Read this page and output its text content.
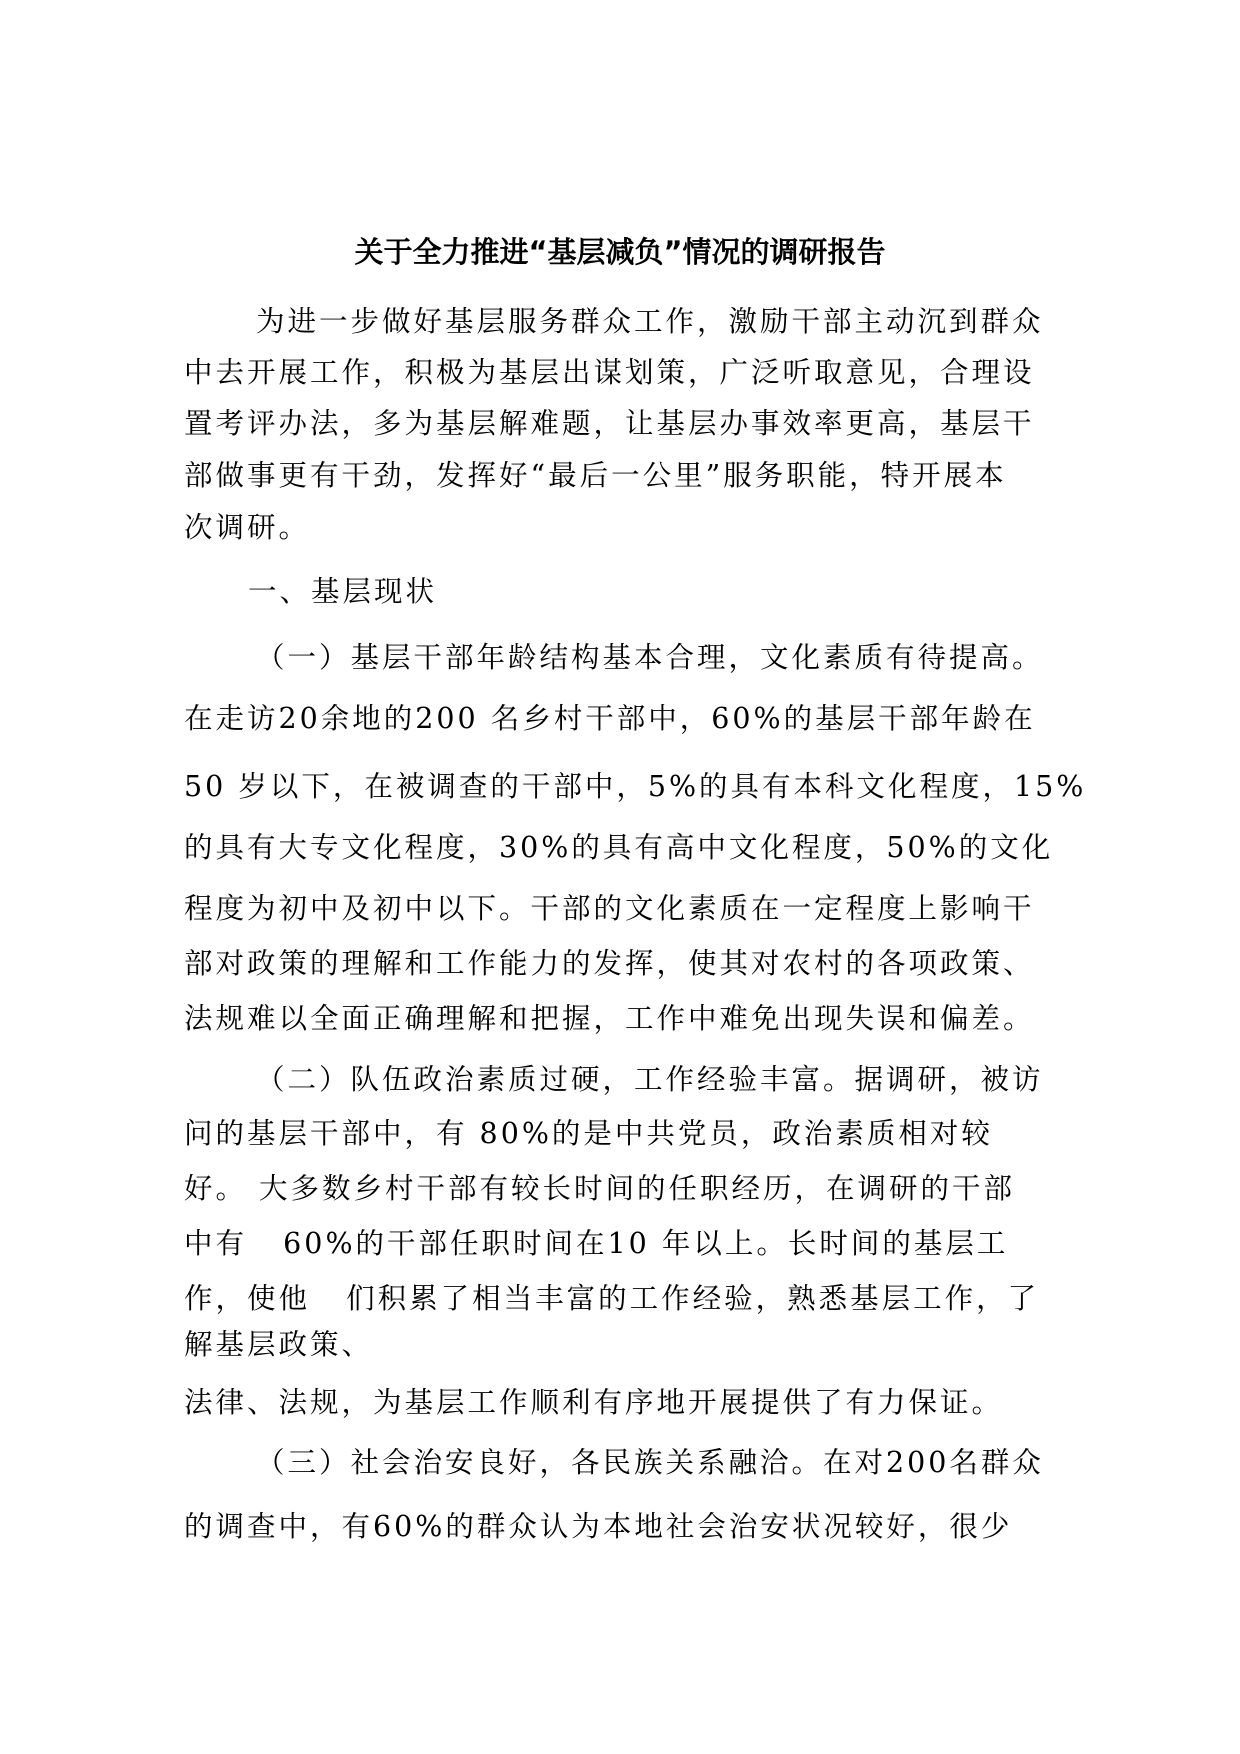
关于全力推进“基层减负”情况的调研报告
为进一步做好基层服务群众工作，激励干部主动沉到群众
中去开展工作，积极为基层出谋划策，广泛听取意见，合理设
置考评办法，多为基层解难题，让基层办事效率更高，基层干
部做事更有干劲，发挥好“最后一公里”服务职能，特开展本
次调研。
一、基层现状
（一）基层干部年龄结构基本合理，文化素质有待提高。
在走访20余地的200 名乡村干部中，60%的基层干部年龄在
50 岁以下，在被调查的干部中，5%的具有本科文化程度，15%
的具有大专文化程度，30%的具有高中文化程度，50%的文化
程度为初中及初中以下。干部的文化素质在一定程度上影响干
部对政策的理解和工作能力的发挥，使其对农村的各项政策、
法规难以全面正确理解和把握，工作中难免出现失误和偏差。
（二）队伍政治素质过硬，工作经验丰富。据调研，被访
问的基层干部中，有 80%的是中共党员，政治素质相对较
好。 大多数乡村干部有较长时间的任职经历，在调研的干部
中有   60%的干部任职时间在10 年以上。长时间的基层工
作，使他   们积累了相当丰富的工作经验，熟悉基层工作，了
解基层政策、
法律、法规，为基层工作顺利有序地开展提供了有力保证。
（三）社会治安良好，各民族关系融洽。在对200名群众
的调查中，有60%的群众认为本地社会治安状况较好，很少
